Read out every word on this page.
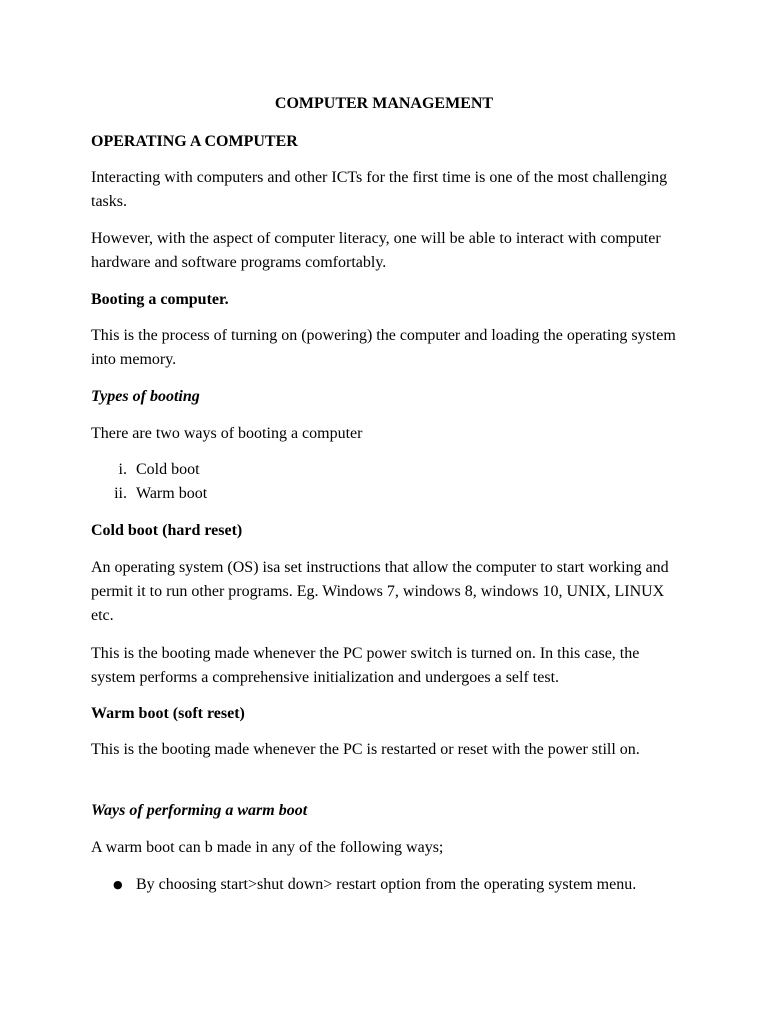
COMPUTER MANAGEMENT

OPERATING A COMPUTER

Interacting with computers and other ICTs for the first time is one of the most challenging tasks.

However, with the aspect of computer literacy, one will be able to interact with computer hardware and software programs comfortably.

Booting a computer.

This is the process of turning on (powering) the computer and loading the operating system into memory.

Types of booting

There are two ways of booting a computer

i. Cold boot
ii. Warm boot

Cold boot (hard reset)

An operating system (OS) isa set instructions that allow the computer to start working and permit it to run other programs. Eg. Windows 7, windows 8, windows 10, UNIX, LINUX etc.

This is the booting made whenever the PC power switch is turned on. In this case, the system performs a comprehensive initialization and undergoes a self test.

Warm boot (soft reset)

This is the booting made whenever the PC is restarted or reset with the power still on.

Ways of performing a warm boot

A warm boot can b made in any of the following ways;

● By choosing start>shut down> restart option from the operating system menu.
